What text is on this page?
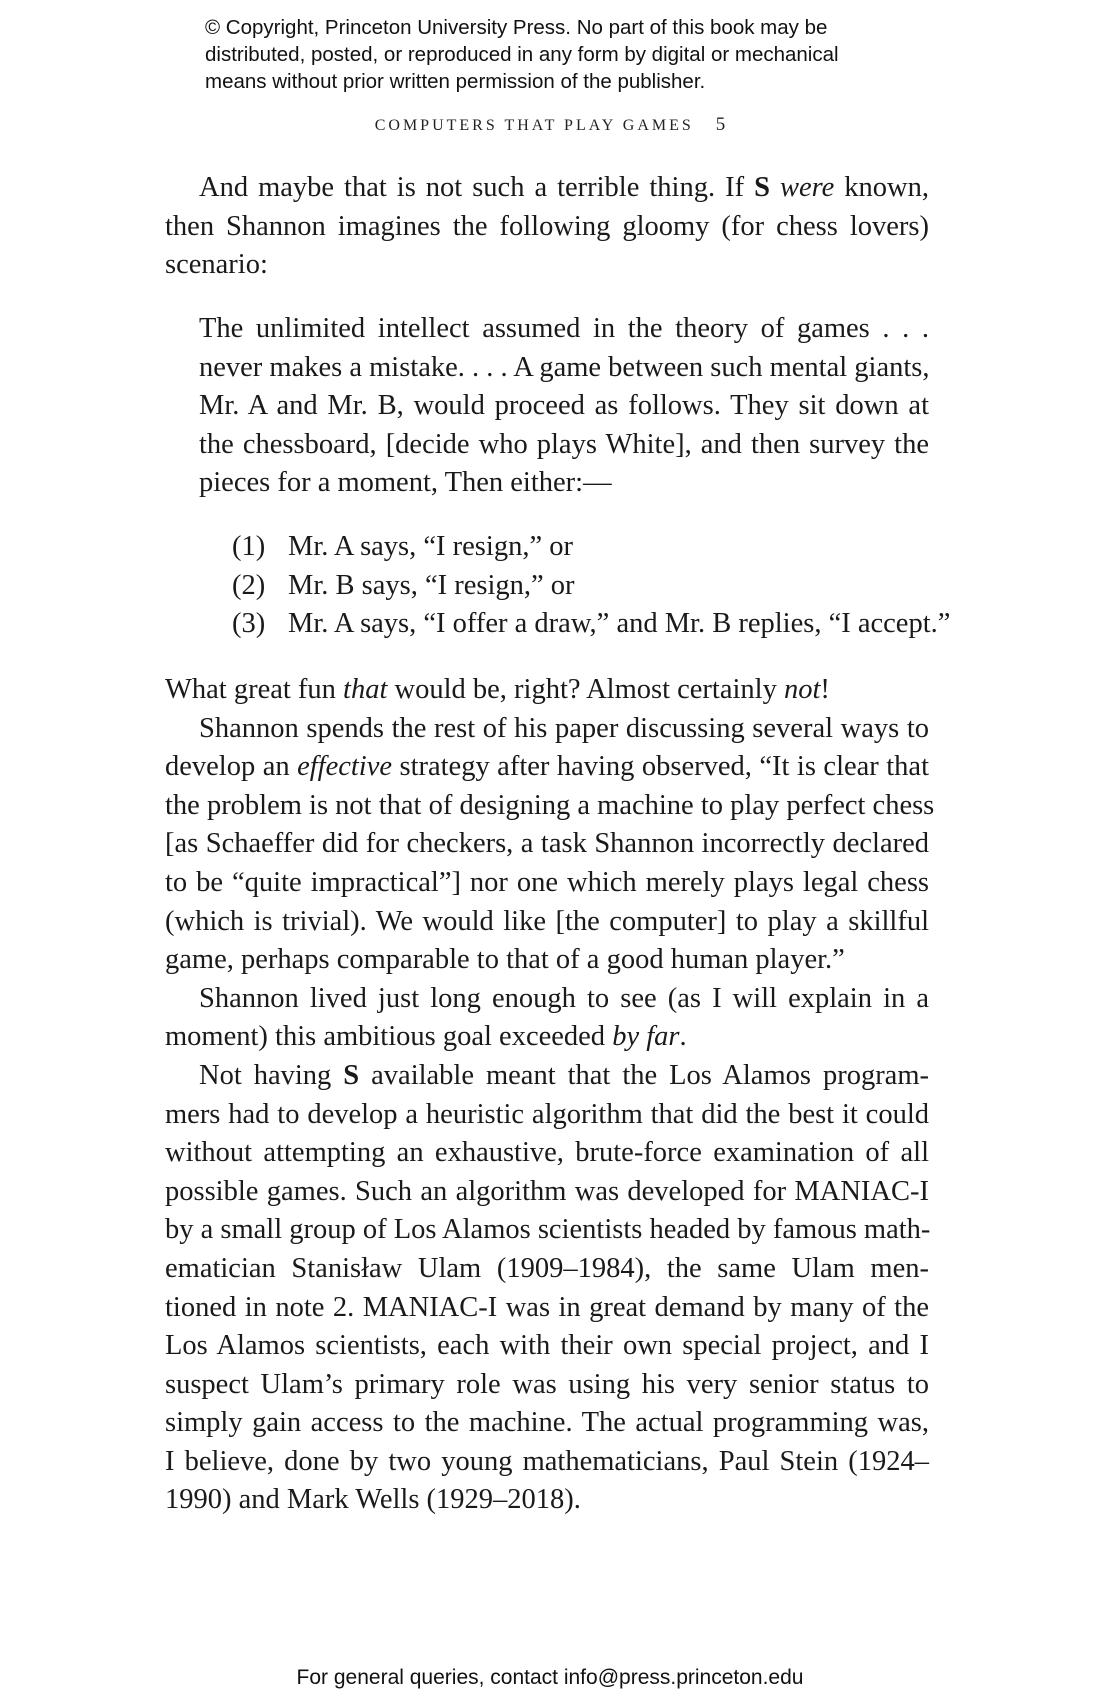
© Copyright, Princeton University Press. No part of this book may be
distributed, posted, or reproduced in any form by digital or mechanical
means without prior written permission of the publisher.
COMPUTERS THAT PLAY GAMES 5
And maybe that is not such a terrible thing. If S were known,
then Shannon imagines the following gloomy (for chess lovers)
scenario:
The unlimited intellect assumed in the theory of games . . .
never makes a mistake. . . . A game between such mental giants,
Mr. A and Mr. B, would proceed as follows. They sit down at
the chessboard, [decide who plays White], and then survey the
pieces for a moment, Then either:—
(1) Mr. A says, “I resign,” or
(2) Mr. B says, “I resign,” or
(3) Mr. A says, “I offer a draw,” and Mr. B replies, “I accept.”
What great fun that would be, right? Almost certainly not!
Shannon spends the rest of his paper discussing several ways to
develop an effective strategy after having observed, “It is clear that
the problem is not that of designing a machine to play perfect chess
[as Schaeffer did for checkers, a task Shannon incorrectly declared
to be “quite impractical”] nor one which merely plays legal chess
(which is trivial). We would like [the computer] to play a skillful
game, perhaps comparable to that of a good human player.”
Shannon lived just long enough to see (as I will explain in a
moment) this ambitious goal exceeded by far.
Not having S available meant that the Los Alamos program-
mers had to develop a heuristic algorithm that did the best it could
without attempting an exhaustive, brute-force examination of all
possible games. Such an algorithm was developed for MANIAC-I
by a small group of Los Alamos scientists headed by famous math-
ematician Stanisław Ulam (1909–1984), the same Ulam men-
tioned in note 2. MANIAC-I was in great demand by many of the
Los Alamos scientists, each with their own special project, and I
suspect Ulam’s primary role was using his very senior status to
simply gain access to the machine. The actual programming was,
I believe, done by two young mathematicians, Paul Stein (1924–
1990) and Mark Wells (1929–2018).
For general queries, contact info@press.princeton.edu
